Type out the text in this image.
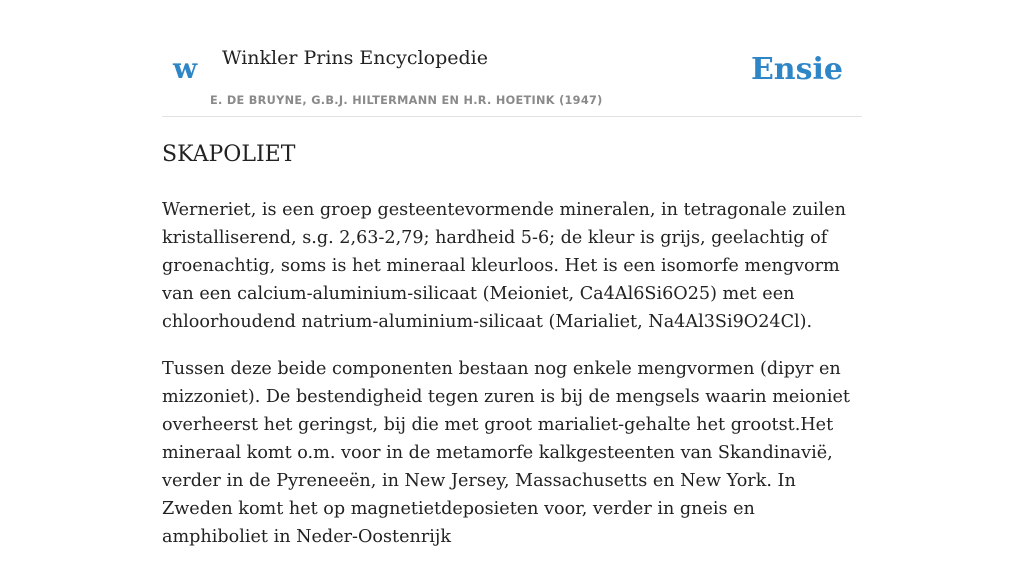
w Winkler Prins Encyclopedie
E. DE BRUYNE, G.B.J. HILTERMANN EN H.R. HOETINK (1947)
Ensie
SKAPOLIET

Werneriet, is een groep gesteentevormende mineralen, in tetragonale zuilen kristalliserend, s.g. 2,63-2,79; hardheid 5-6; de kleur is grijs, geelachtig of groenachtig, soms is het mineraal kleurloos. Het is een isomorfe mengvorm van een calcium-aluminium-silicaat (Meioniet, Ca4Al6Si6O25) met een chloorhoudend natrium-aluminium-silicaat (Marialiet, Na4Al3Si9O24Cl).

Tussen deze beide componenten bestaan nog enkele mengvormen (dipyr en mizzoniet). De bestendigheid tegen zuren is bij de mengsels waarin meioniet overheerst het geringst, bij die met groot marialiet-gehalte het grootst.Het mineraal komt o.m. voor in de metamorfe kalkgesteenten van Skandinavië, verder in de Pyreneeën, in New Jersey, Massachusetts en New York. In Zweden komt het op magnetietdeposieten voor, verder in gneis en amphiboliet in Neder-Oostenrijk
